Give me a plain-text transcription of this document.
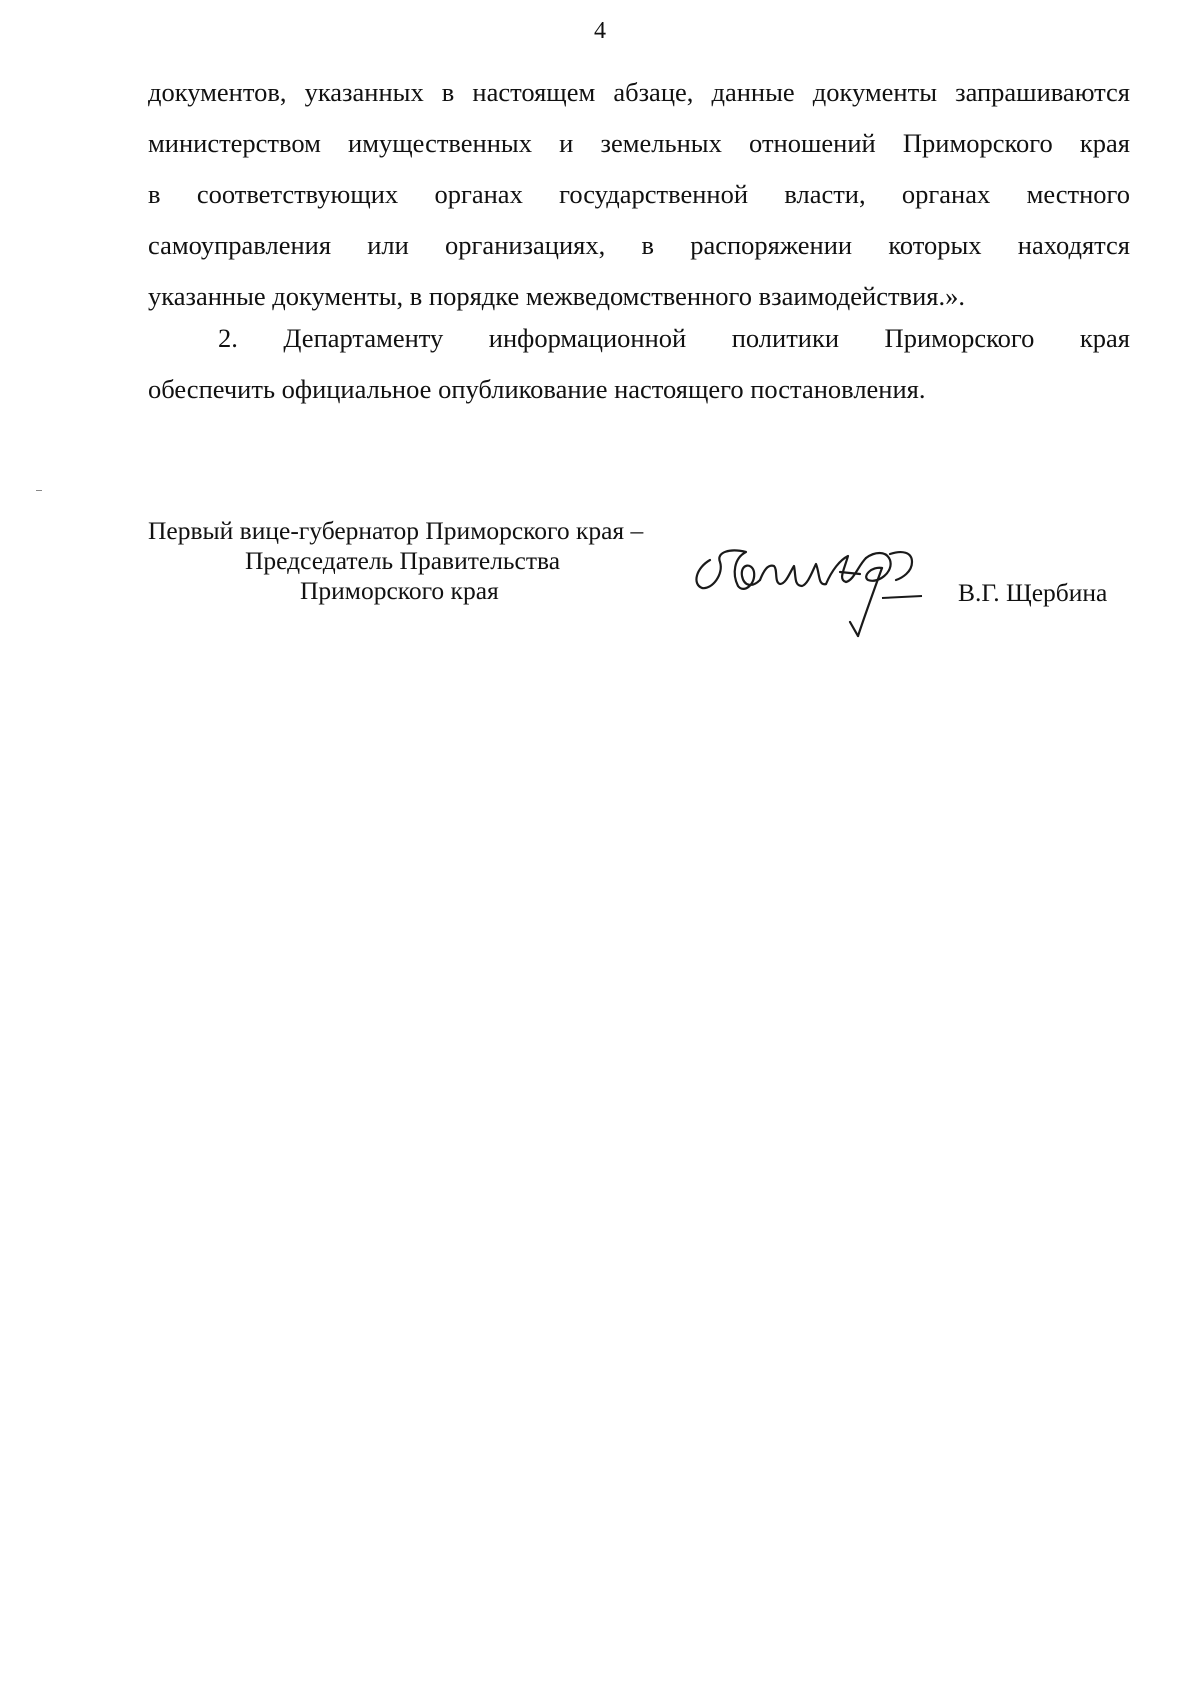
4
документов, указанных в настоящем абзаце, данные документы запрашиваются
министерством имущественных и земельных отношений Приморского края
в соответствующих органах государственной власти, органах местного
самоуправления или организациях, в распоряжении которых находятся
указанные документы, в порядке межведомственного взаимодействия.».
2. Департаменту информационной политики Приморского края
обеспечить официальное опубликование настоящего постановления.
Первый вице-губернатор Приморского края –
Председатель Правительства
Приморского края	В.Г. Щербина
